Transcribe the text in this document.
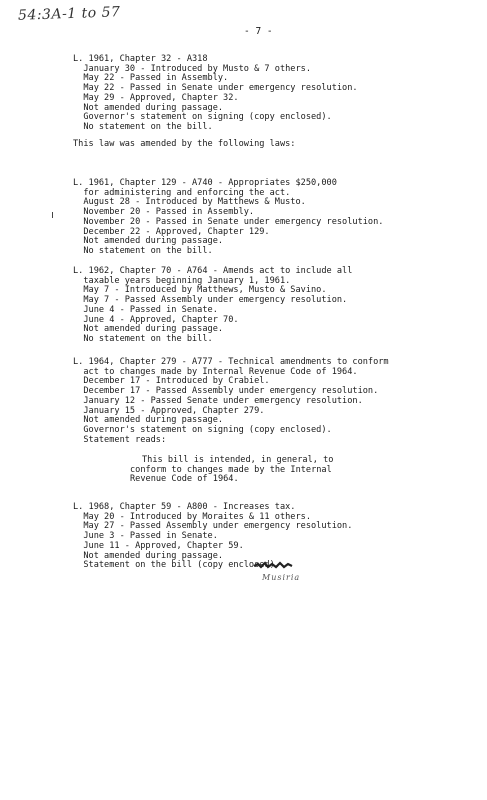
54:3A-1 to 57
- 7 -
L. 1961, Chapter 32 - A318
January 30 - Introduced by Musto & 7 others.
May 22 - Passed in Assembly.
May 22 - Passed in Senate under emergency resolution.
May 29 - Approved, Chapter 32.
Not amended during passage.
Governor's statement on signing (copy enclosed).
No statement on the bill.
This law was amended by the following laws:
L. 1961, Chapter 129 - A740 - Appropriates $250,000
for administering and enforcing the act.
August 28 - Introduced by Matthews & Musto.
November 20 - Passed in Assembly.
November 20 - Passed in Senate under emergency resolution.
December 22 - Approved, Chapter 129.
Not amended during passage.
No statement on the bill.
L. 1962, Chapter 70 - A764 - Amends act to include all
taxable years beginning January 1, 1961.
May 7 - Introduced by Matthews, Musto & Savino.
May 7 - Passed Assembly under emergency resolution.
June 4 - Passed in Senate.
June 4 - Approved, Chapter 70.
Not amended during passage.
No statement on the bill.
L. 1964, Chapter 279 - A777 - Technical amendments to conform
act to changes made by Internal Revenue Code of 1964.
December 17 - Introduced by Crabiel.
December 17 - Passed Assembly under emergency resolution.
January 12 - Passed Senate under emergency resolution.
January 15 - Approved, Chapter 279.
Not amended during passage.
Governor's statement on signing (copy enclosed).
Statement reads:
This bill is intended, in general, to
conform to changes made by the Internal
Revenue Code of 1964.
L. 1968, Chapter 59 - A800 - Increases tax.
May 20 - Introduced by Moraites & 11 others.
May 27 - Passed Assembly under emergency resolution.
June 3 - Passed in Senate.
June 11 - Approved, Chapter 59.
Not amended during passage.
Statement on the bill (copy enclosed).
Musiria
